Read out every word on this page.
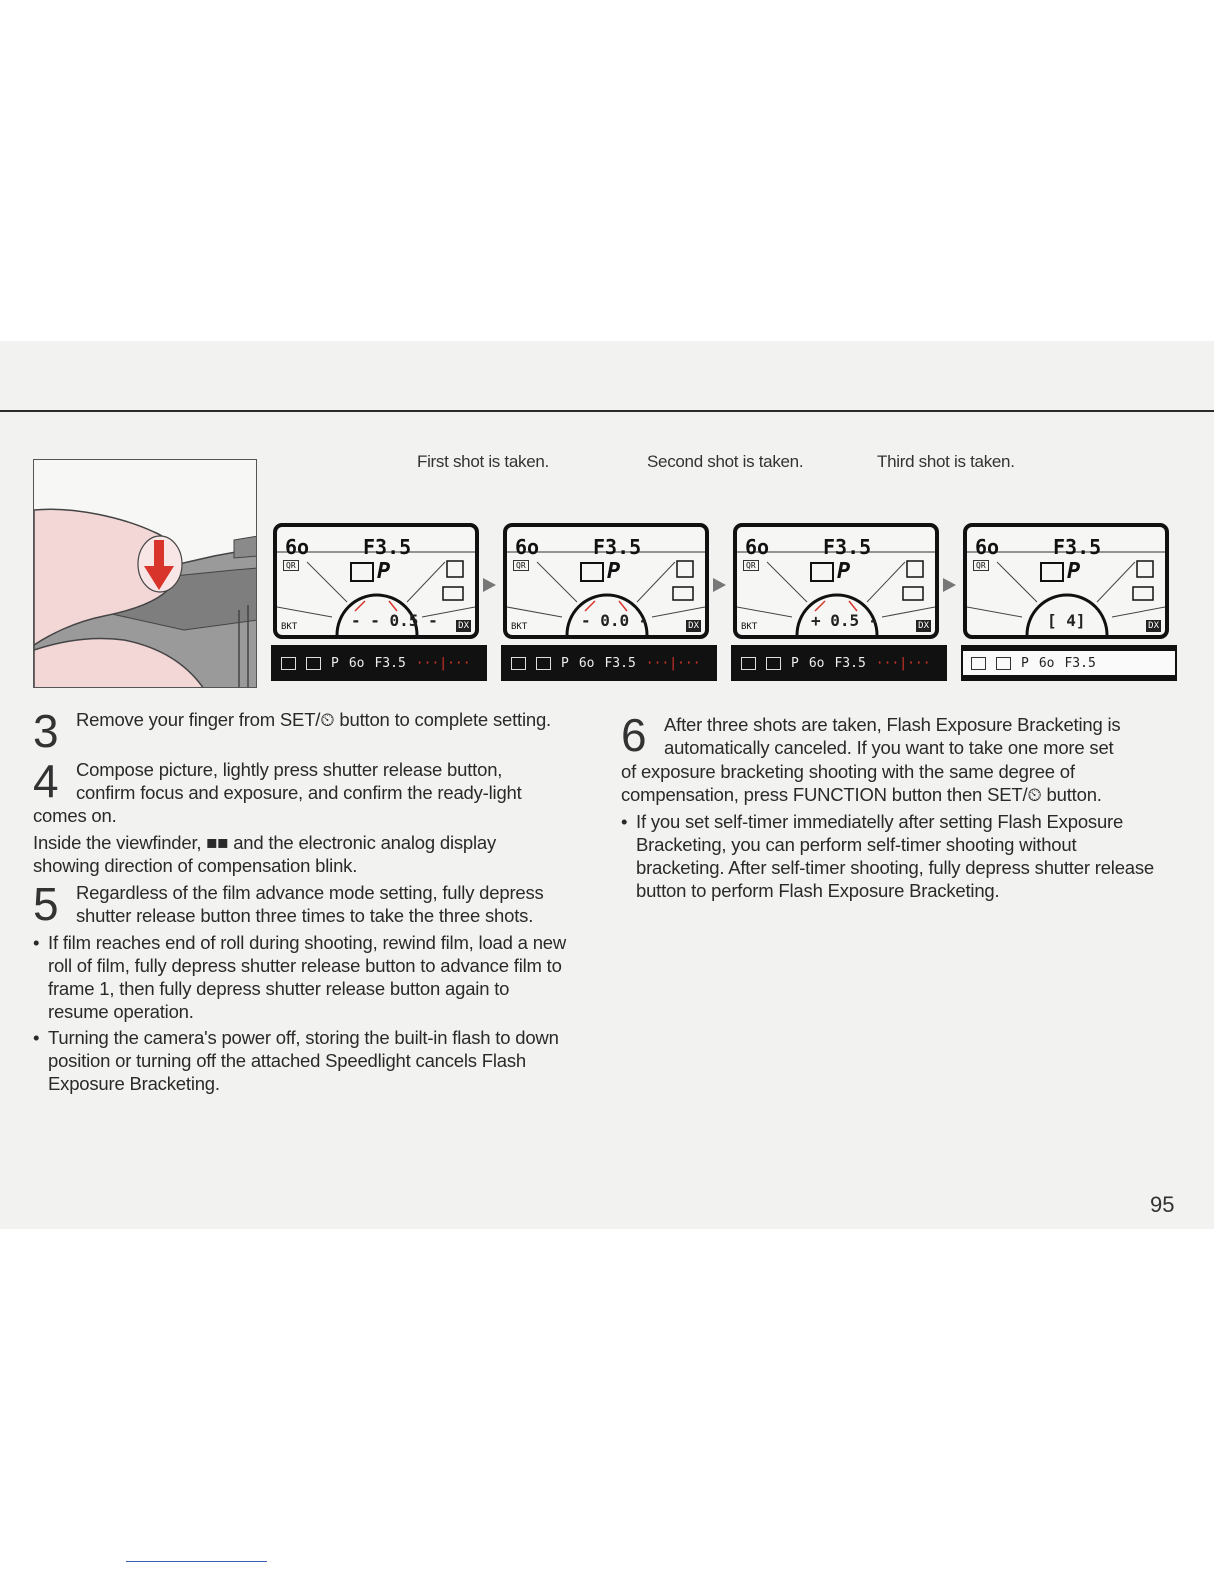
First shot is taken.	Second shot is taken.	Third shot is taken.
6o	F3.5
P
QR
BKT	DX
- - 0.5 -
6o	F3.5
P
QR
BKT	DX
- 0.0 -
6o	F3.5
P
QR
BKT	DX
+ 0.5 -
6o	F3.5
P
QR
DX
[ 4]
P 6o F3.5 ···|···	P 6o F3.5 ···|···	P 6o F3.5 ···|···	P 6o F3.5
3 Remove your finger from SET/⏲ button to complete setting.
4 Compose picture, lightly press shutter release button,
confirm focus and exposure, and confirm the ready-light
comes on.
Inside the viewfinder, ■■ and the electronic analog display
showing direction of compensation blink.
5 Regardless of the film advance mode setting, fully depress
shutter release button three times to take the three shots.
• If film reaches end of roll during shooting, rewind film, load a new roll of film, fully depress shutter release button to advance film to frame 1, then fully depress shutter release button again to resume operation.
• Turning the camera's power off, storing the built-in flash to down position or turning off the attached Speedlight cancels Flash Exposure Bracketing.
6 After three shots are taken, Flash Exposure Bracketing is
automatically canceled. If you want to take one more set
of exposure bracketing shooting with the same degree of
compensation, press FUNCTION button then SET/⏲ button.
• If you set self-timer immediatelly after setting Flash Exposure Bracketing, you can perform self-timer shooting without bracketing. After self-timer shooting, fully depress shutter release button to perform Flash Exposure Bracketing.
95
